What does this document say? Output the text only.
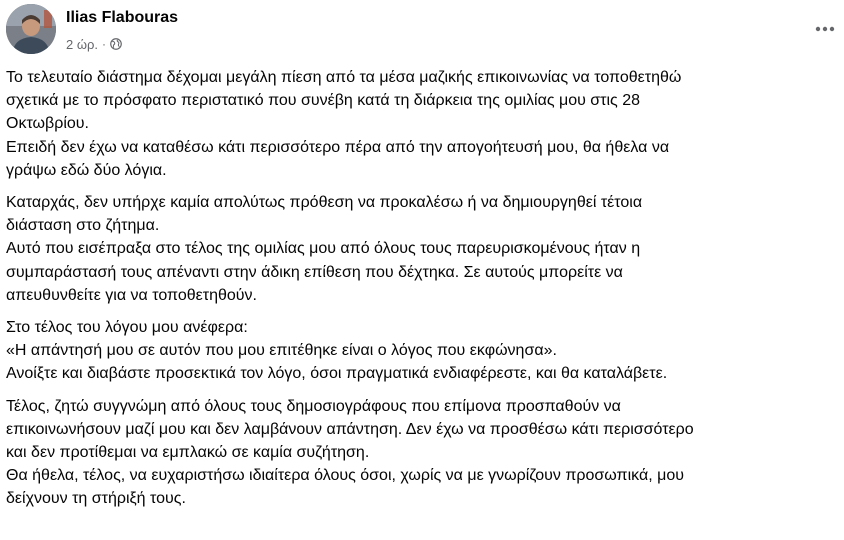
Ilias Flabouras
2 ώρ. ·
Το τελευταίο διάστημα δέχομαι μεγάλη πίεση από τα μέσα μαζικής επικοινωνίας να τοποθετηθώ
σχετικά με το πρόσφατο περιστατικό που συνέβη κατά τη διάρκεια της ομιλίας μου στις 28
Οκτωβρίου.
Επειδή δεν έχω να καταθέσω κάτι περισσότερο πέρα από την απογοήτευσή μου, θα ήθελα να
γράψω εδώ δύο λόγια.
Καταρχάς, δεν υπήρχε καμία απολύτως πρόθεση να προκαλέσω ή να δημιουργηθεί τέτοια
διάσταση στο ζήτημα.
Αυτό που εισέπραξα στο τέλος της ομιλίας μου από όλους τους παρευρισκομένους ήταν η
συμπαράστασή τους απέναντι στην άδικη επίθεση που δέχτηκα. Σε αυτούς μπορείτε να
απευθυνθείτε για να τοποθετηθούν.
Στο τέλος του λόγου μου ανέφερα:
«Η απάντησή μου σε αυτόν που μου επιτέθηκε είναι ο λόγος που εκφώνησα».
Ανοίξτε και διαβάστε προσεκτικά τον λόγο, όσοι πραγματικά ενδιαφέρεστε, και θα καταλάβετε.
Τέλος, ζητώ συγγνώμη από όλους τους δημοσιογράφους που επίμονα προσπαθούν να
επικοινωνήσουν μαζί μου και δεν λαμβάνουν απάντηση. Δεν έχω να προσθέσω κάτι περισσότερο
και δεν προτίθεμαι να εμπλακώ σε καμία συζήτηση.
Θα ήθελα, τέλος, να ευχαριστήσω ιδιαίτερα όλους όσοι, χωρίς να με γνωρίζουν προσωπικά, μου
δείχνουν τη στήριξή τους.
